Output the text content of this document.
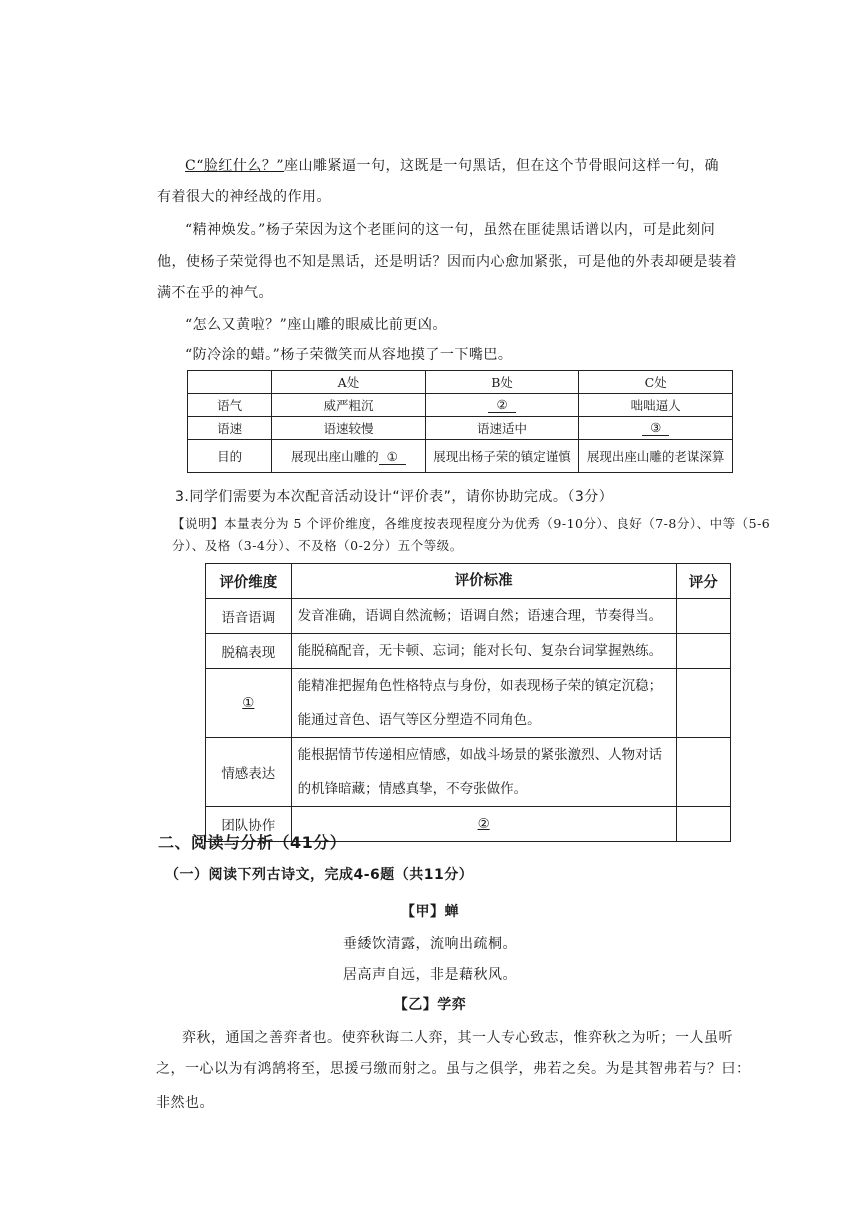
C“脸红什么？”座山雕紧逼一句，这既是一句黑话，但在这个节骨眼问这样一句，确
有着很大的神经战的作用。
“精神焕发。”杨子荣因为这个老匪问的这一句，虽然在匪徒黑话谱以内，可是此刻问
他，使杨子荣觉得也不知是黑话，还是明话？因而内心愈加紧张，可是他的外表却硬是装着
满不在乎的神气。
“怎么又黄啦？”座山雕的眼威比前更凶。
“防冷涂的蜡。”杨子荣微笑而从容地摸了一下嘴巴。
	A处	B处	C处
语气	威严粗沉	②	咄咄逼人
语速	语速较慢	语速适中	③
目的	展现出座山雕的 ①	展现出杨子荣的镇定谨慎	展现出座山雕的老谋深算
3.同学们需要为本次配音活动设计“评价表”，请你协助完成。（3分）
【说明】本量表分为 5 个评价维度，各维度按表现程度分为优秀（9-10分）、良好（7-8分）、中等（5-6
分）、及格（3-4分）、不及格（0-2分）五个等级。
评价维度	评价标准	评分
语音语调	发音准确，语调自然流畅；语调自然；语速合理，节奏得当。	
脱稿表现	能脱稿配音，无卡顿、忘词；能对长句、复杂台词掌握熟练。	
①	能精准把握角色性格特点与身份，如表现杨子荣的镇定沉稳；
能通过音色、语气等区分塑造不同角色。	

情感表达	能根据情节传递相应情感，如战斗场景的紧张激烈、人物对话
的机锋暗藏；情感真挚，不夸张做作。	

团队协作	②	
二、阅读与分析（41分）
（一）阅读下列古诗文，完成4-6题（共11分）
【甲】蝉
垂緌饮清露，流响出疏桐。
居高声自远，非是藉秋风。
【乙】学弈
弈秋，通国之善弈者也。使弈秋诲二人弈，其一人专心致志，惟弈秋之为听；一人虽听
之，一心以为有鸿鹄将至，思援弓缴而射之。虽与之俱学，弗若之矣。为是其智弗若与？曰：
非然也。
